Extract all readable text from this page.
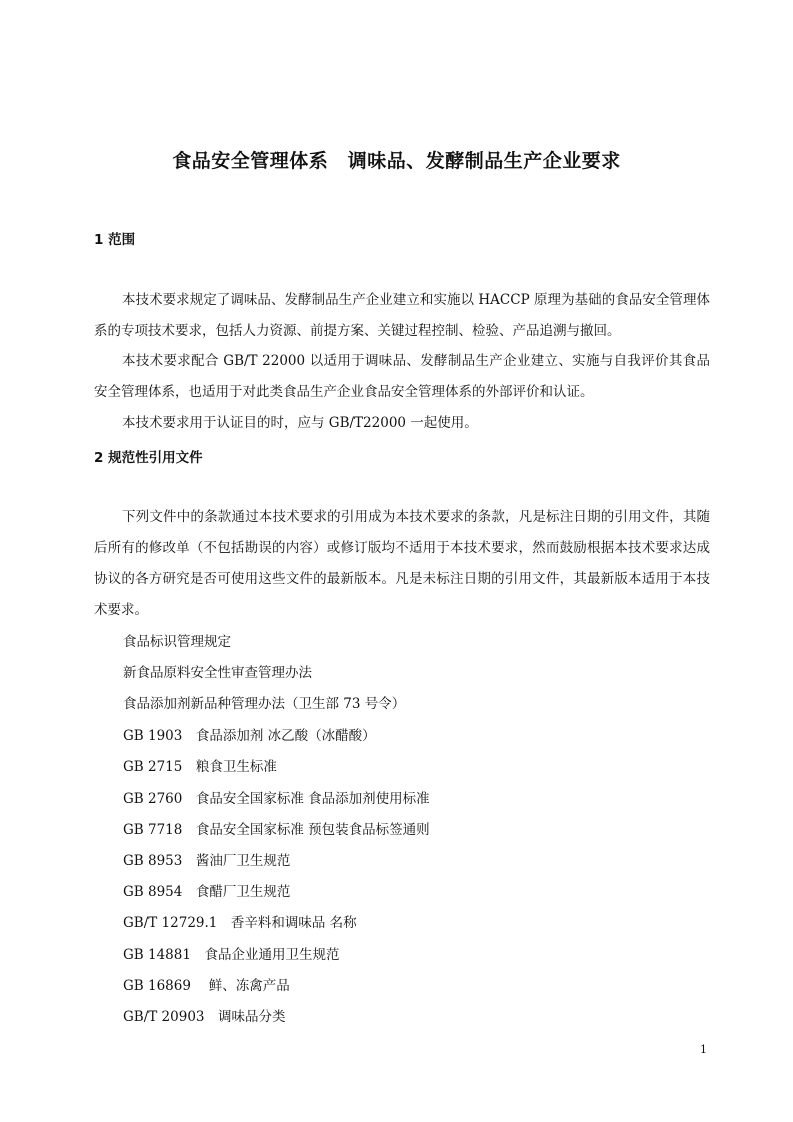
食品安全管理体系　调味品、发酵制品生产企业要求
1 范围
本技术要求规定了调味品、发酵制品生产企业建立和实施以 HACCP 原理为基础的食品安全管理体系的专项技术要求，包括人力资源、前提方案、关键过程控制、检验、产品追溯与撤回。
本技术要求配合 GB/T 22000 以适用于调味品、发酵制品生产企业建立、实施与自我评价其食品安全管理体系，也适用于对此类食品生产企业食品安全管理体系的外部评价和认证。
本技术要求用于认证目的时，应与 GB/T22000 一起使用。
2 规范性引用文件
下列文件中的条款通过本技术要求的引用成为本技术要求的条款，凡是标注日期的引用文件，其随后所有的修改单（不包括勘误的内容）或修订版均不适用于本技术要求，然而鼓励根据本技术要求达成协议的各方研究是否可使用这些文件的最新版本。凡是未标注日期的引用文件，其最新版本适用于本技术要求。
食品标识管理规定
新食品原料安全性审查管理办法
食品添加剂新品种管理办法（卫生部 73 号令）
GB 1903　食品添加剂 冰乙酸（冰醋酸）
GB 2715　粮食卫生标准
GB 2760　食品安全国家标准 食品添加剂使用标准
GB 7718　食品安全国家标准 预包装食品标签通则
GB 8953　酱油厂卫生规范
GB 8954　食醋厂卫生规范
GB/T 12729.1　香辛料和调味品 名称
GB 14881　食品企业通用卫生规范
GB 16869　 鲜、冻禽产品
GB/T 20903　调味品分类
1
